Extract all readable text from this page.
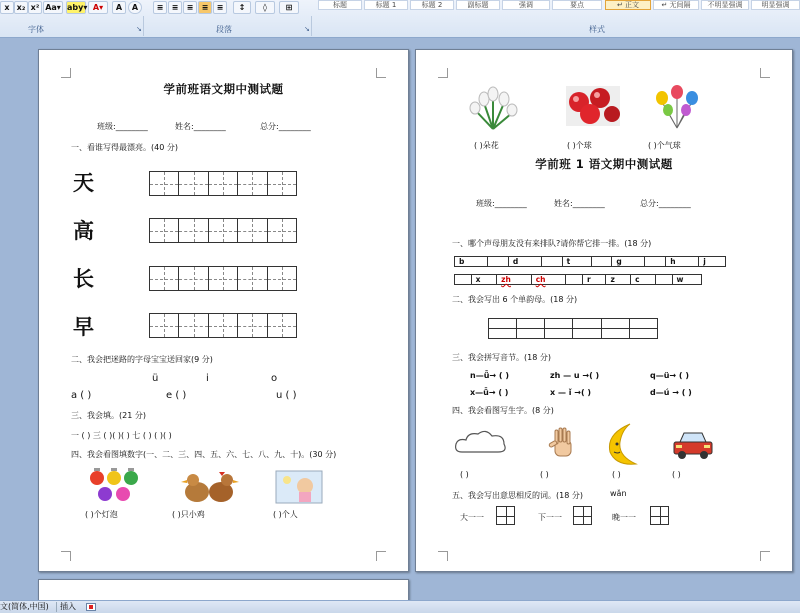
x x₂ x² Aa▾ aby▾ A▾	A	A	≡	≡	≡	≡	≡	↕	◊	⊞	标题	标题 1	标题 2	副标题	强调	要点	↵ 正文	↵ 无间隔	不明显强调	明显强调
字体	↘	段落	↘	样式
学前班语文期中测试题
班级:________	姓名:________	总分:________
一、看谁写得最漂亮。(40 分)
天
高
长
早
二、我会把迷路的字母宝宝送回家(9 分)
ü	i	o
a ( )	e ( )	u ( )
三、我会填。(21 分)
一 ( ) 三 ( )( )( ) 七 ( ) ( )( )
四、我会看图填数字(一、二、三、四、五、六、七、八、九、十)。(30 分)
( )个灯泡	( )只小鸡	( )个人
( )朵花	( )个球	( )个气球
学前班 1 语文期中测试题
班级:________	姓名:________	总分:________
一、哪个声母朋友没有来排队?请你帮它排一排。(18 分)
b		d		t		g		h	j
	x	zh	ch		r	z	c		w
二、我会写出 6 个单韵母。(18 分)

三、我会拼写音节。(18 分)
n—ǖ→ ( )	zh — u →( )	q—ü→ ( )
x—ǖ→ ( )	x — ǐ →( )	d—ú → ( )
四、我会看图写生字。(8 分)
( )	( )	( )	( )
五、我会写出意思相反的词。(18 分)	wǎn
大一一	下一一	晚一一
文(简体,中国) 插入
